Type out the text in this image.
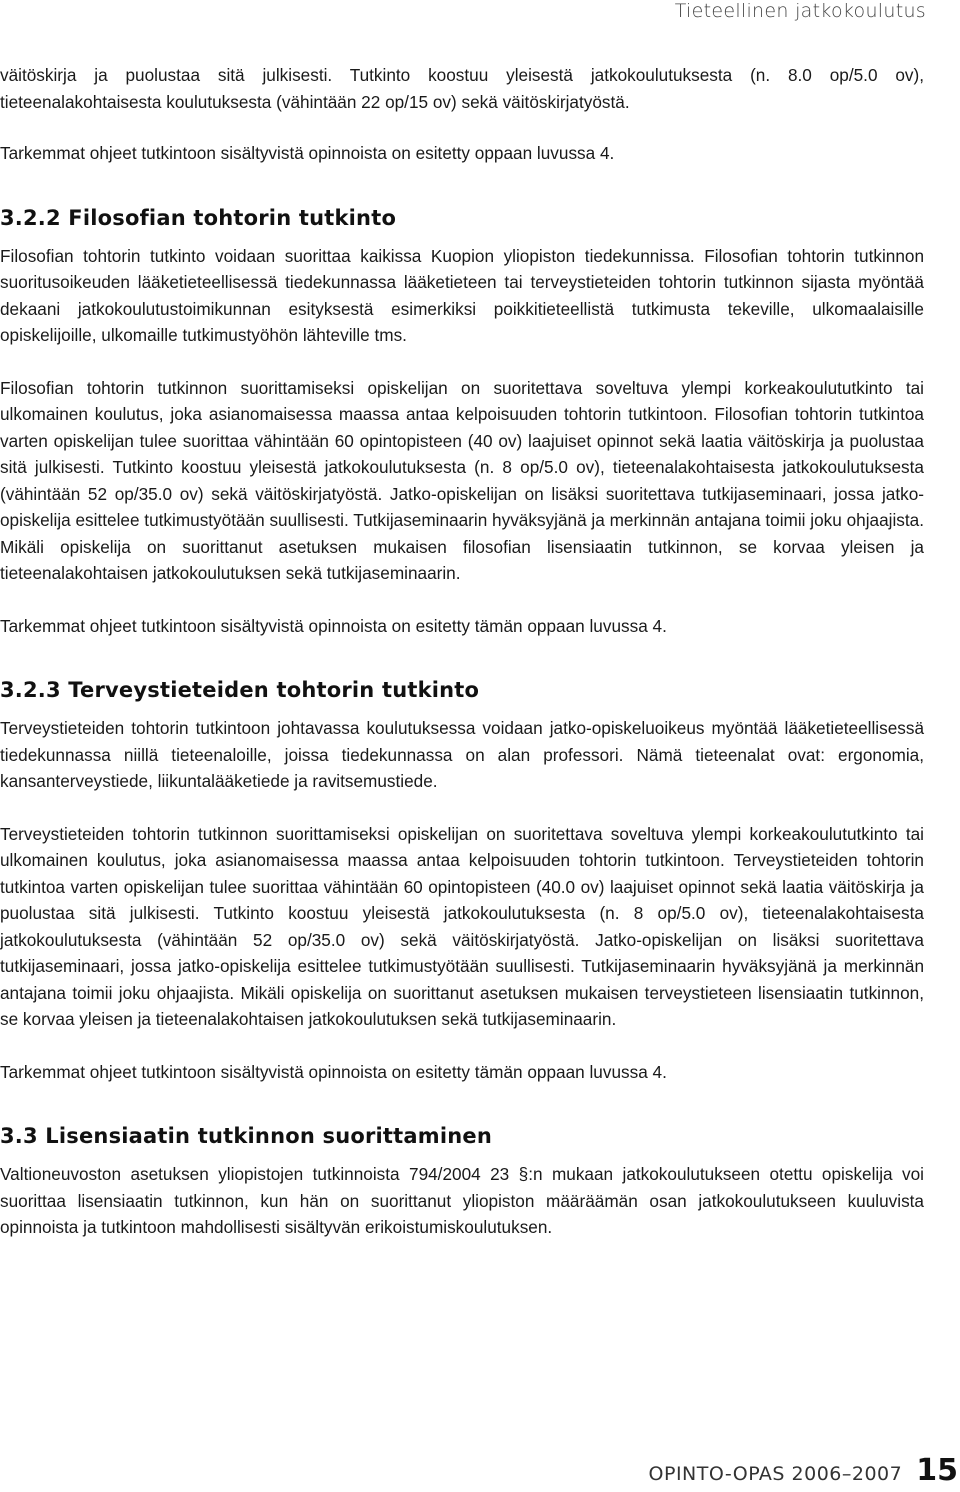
Tieteellinen jatkokoulutus

väitöskirja ja puolustaa sitä julkisesti. Tutkinto koostuu yleisestä jatkokoulutuksesta (n. 8.0 op/5.0 ov), tieteenalakohtaisesta koulutuksesta (vähintään 22 op/15 ov) sekä väitöskirjatyöstä.

Tarkemmat ohjeet tutkintoon sisältyvistä opinnoista on esitetty oppaan luvussa 4.

3.2.2 Filosofian tohtorin tutkinto

Filosofian tohtorin tutkinto voidaan suorittaa kaikissa Kuopion yliopiston tiedekunnissa. Filosofian tohtorin tutkinnon suoritusoikeuden lääketieteellisessä tiedekunnassa lääketieteen tai terveystieteiden tohtorin tutkinnon sijasta myöntää dekaani jatkokoulutustoimikunnan esityksestä esimerkiksi poikkitieteellistä tutkimusta tekeville, ulkomaalaisille opiskelijoille, ulkomaille tutkimustyöhön lähteville tms.

Filosofian tohtorin tutkinnon suorittamiseksi opiskelijan on suoritettava soveltuva ylempi korkeakoulututkinto tai ulkomainen koulutus, joka asianomaisessa maassa antaa kelpoisuuden tohtorin tutkintoon. Filosofian tohtorin tutkintoa varten opiskelijan tulee suorittaa vähintään 60 opintopisteen (40 ov) laajuiset opinnot sekä laatia väitöskirja ja puolustaa sitä julkisesti. Tutkinto koostuu yleisestä jatkokoulutuksesta (n. 8 op/5.0 ov), tieteenalakohtaisesta jatkokoulutuksesta (vähintään 52 op/35.0 ov) sekä väitöskirjatyöstä. Jatko-opiskelijan on lisäksi suoritettava tutkijaseminaari, jossa jatko-opiskelija esittelee tutkimustyötään suullisesti. Tutkijaseminaarin hyväksyjänä ja merkinnän antajana toimii joku ohjaajista. Mikäli opiskelija on suorittanut asetuksen mukaisen filosofian lisensiaatin tutkinnon, se korvaa yleisen ja tieteenalakohtaisen jatkokoulutuksen sekä tutkijaseminaarin.

Tarkemmat ohjeet tutkintoon sisältyvistä opinnoista on esitetty tämän oppaan luvussa 4.

3.2.3 Terveystieteiden tohtorin tutkinto

Terveystieteiden tohtorin tutkintoon johtavassa koulutuksessa voidaan jatko-opiskeluoikeus myöntää lääketieteellisessä tiedekunnassa niillä tieteenaloille, joissa tiedekunnassa on alan professori. Nämä tieteenalat ovat: ergonomia, kansanterveystiede, liikuntalääketiede ja ravitsemustiede.

Terveystieteiden tohtorin tutkinnon suorittamiseksi opiskelijan on suoritettava soveltuva ylempi korkeakoulututkinto tai ulkomainen koulutus, joka asianomaisessa maassa antaa kelpoisuuden tohtorin tutkintoon. Terveystieteiden tohtorin tutkintoa varten opiskelijan tulee suorittaa vähintään 60 opintopisteen (40.0 ov) laajuiset opinnot sekä laatia väitöskirja ja puolustaa sitä julkisesti. Tutkinto koostuu yleisestä jatkokoulutuksesta (n. 8 op/5.0 ov), tieteenalakohtaisesta jatkokoulutuksesta (vähintään 52 op/35.0 ov) sekä väitöskirjatyöstä. Jatko-opiskelijan on lisäksi suoritettava tutkijaseminaari, jossa jatko-opiskelija esittelee tutkimustyötään suullisesti. Tutkijaseminaarin hyväksyjänä ja merkinnän antajana toimii joku ohjaajista. Mikäli opiskelija on suorittanut asetuksen mukaisen terveystieteen lisensiaatin tutkinnon, se korvaa yleisen ja tieteenalakohtaisen jatkokoulutuksen sekä tutkijaseminaarin.

Tarkemmat ohjeet tutkintoon sisältyvistä opinnoista on esitetty tämän oppaan luvussa 4.

3.3 Lisensiaatin tutkinnon suorittaminen

Valtioneuvoston asetuksen yliopistojen tutkinnoista 794/2004 23 §:n mukaan jatkokoulutukseen otettu opiskelija voi suorittaa lisensiaatin tutkinnon, kun hän on suorittanut yliopiston määräämän osan jatkokoulutukseen kuuluvista opinnoista ja tutkintoon mahdollisesti sisältyvän erikoistumiskoulutuksen.

OPINTO-OPAS 2006–2007 15
